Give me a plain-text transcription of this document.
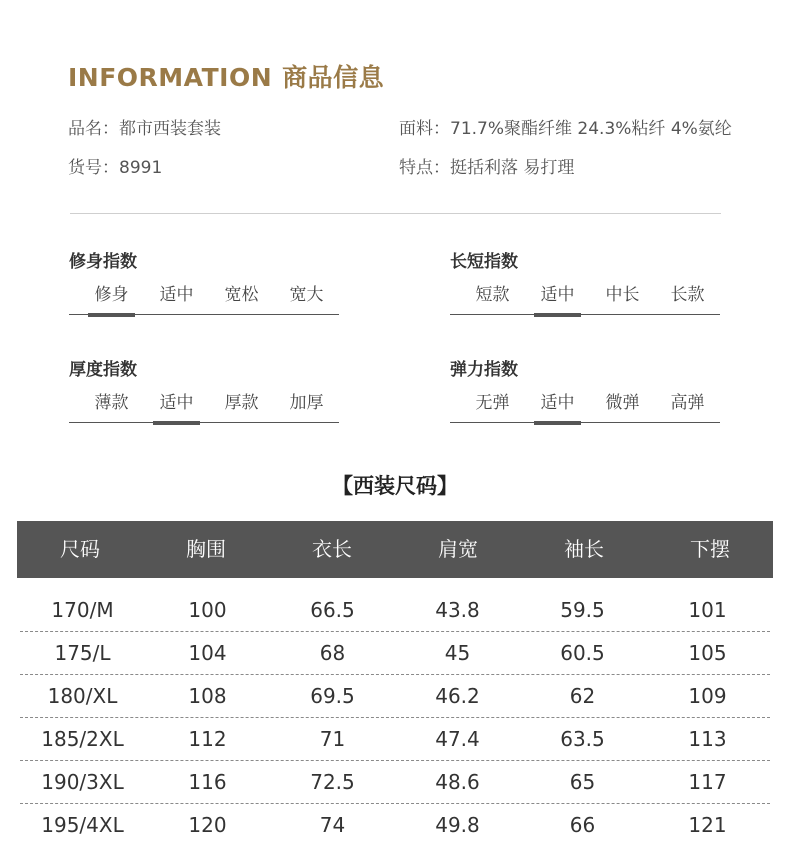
INFORMATION 商品信息
品名：都市西装套装	面料：71.7%聚酯纤维 24.3%粘纤 4%氨纶
货号：8991	特点：挺括利落 易打理
修身指数
修身	适中	宽松	宽大
长短指数
短款	适中	中长	长款
厚度指数
薄款	适中	厚款	加厚
弹力指数
无弹	适中	微弹	高弹
【西装尺码】
尺码	胸围	衣长	肩宽	袖长	下摆
170/M	100	66.5	43.8	59.5	101
175/L	104	68	45	60.5	105
180/XL	108	69.5	46.2	62	109
185/2XL	112	71	47.4	63.5	113
190/3XL	116	72.5	48.6	65	117
195/4XL	120	74	49.8	66	121
